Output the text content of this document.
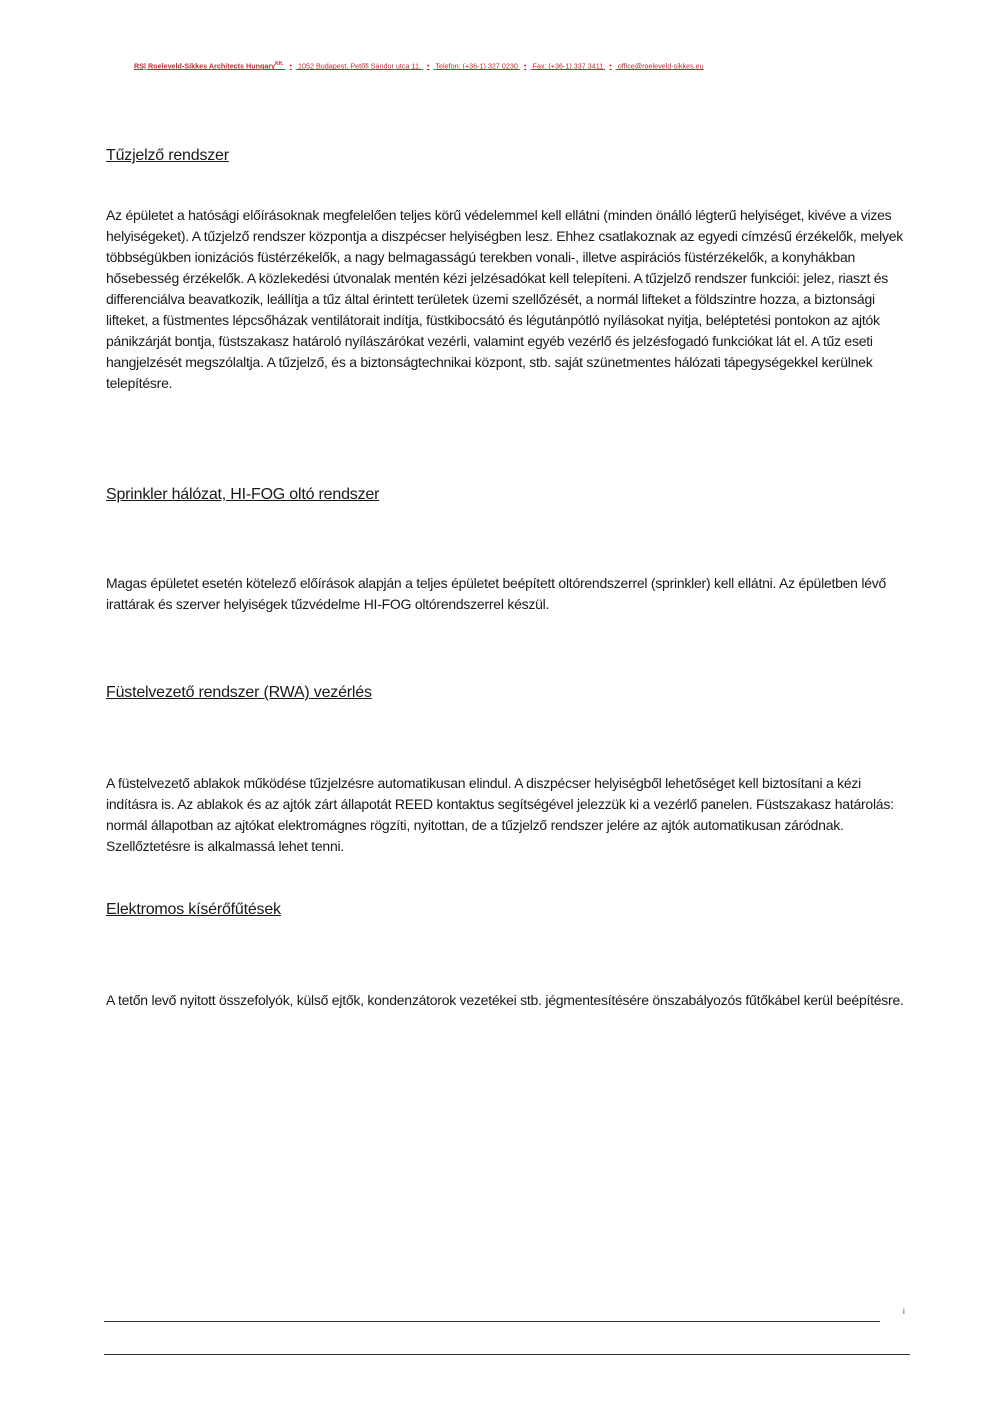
RS| Roeleveld-Sikkes Architects Hungary$^{Kft.}$ • 1052 Budapest, Petőfi Sándor utca 11. • Telefon: (+36-1) 327 0230 • Fax: (+36-1) 337 3411 • office@roeleveld-sikkes.eu
Tűzjelző rendszer

Az épületet a hatósági előírásoknak megfelelően teljes körű védelemmel kell ellátni (minden önálló légterű helyiséget, kivéve a vizes helyiségeket). A tűzjelző rendszer központja a diszpécser helyiségben lesz. Ehhez csatlakoznak az egyedi címzésű érzékelők, melyek többségükben ionizációs füstérzékelők, a nagy belmagasságú terekben vonali-, illetve aspirációs füstérzékelők, a konyhákban hősebesség érzékelők. A közlekedési útvonalak mentén kézi jelzésadókat kell telepíteni. A tűzjelző rendszer funkciói: jelez, riaszt és differenciálva beavatkozik, leállítja a tűz által érintett területek üzemi szellőzését, a normál lifteket a földszintre hozza, a biztonsági lifteket, a füstmentes lépcsőházak ventilátorait indítja, füstkibocsátó és légutánpótló nyílásokat nyitja, beléptetési pontokon az ajtók pánikzárját bontja, füstszakasz határoló nyílászárókat vezérli, valamint egyéb vezérlő és jelzésfogadó funkciókat lát el. A tűz eseti hangjelzését megszólaltja. A tűzjelző, és a biztonságtechnikai központ, stb. saját szünetmentes hálózati tápegységekkel kerülnek telepítésre.

Sprinkler hálózat, HI-FOG oltó rendszer

Magas épületet esetén kötelező előírások alapján a teljes épületet beépített oltórendszerrel (sprinkler) kell ellátni. Az épületben lévő irattárak és szerver helyiségek tűzvédelme HI-FOG oltórendszerrel készül.

Füstelvezető rendszer (RWA) vezérlés

A füstelvezető ablakok működése tűzjelzésre automatikusan elindul. A diszpécser helyiségből lehetőséget kell biztosítani a kézi indításra is. Az ablakok és az ajtók zárt állapotát REED kontaktus segítségével jelezzük ki a vezérlő panelen. Füstszakasz határolás: normál állapotban az ajtókat elektromágnes rögzíti, nyitottan, de a tűzjelző rendszer jelére az ajtók automatikusan záródnak. Szellőztetésre is alkalmassá lehet tenni.

Elektromos kísérőfűtések

A tetőn levő nyitott összefolyók, külső ejtők, kondenzátorok vezetékei stb. jégmentesítésére önszabályozós fűtőkábel kerül beépítésre.

i
